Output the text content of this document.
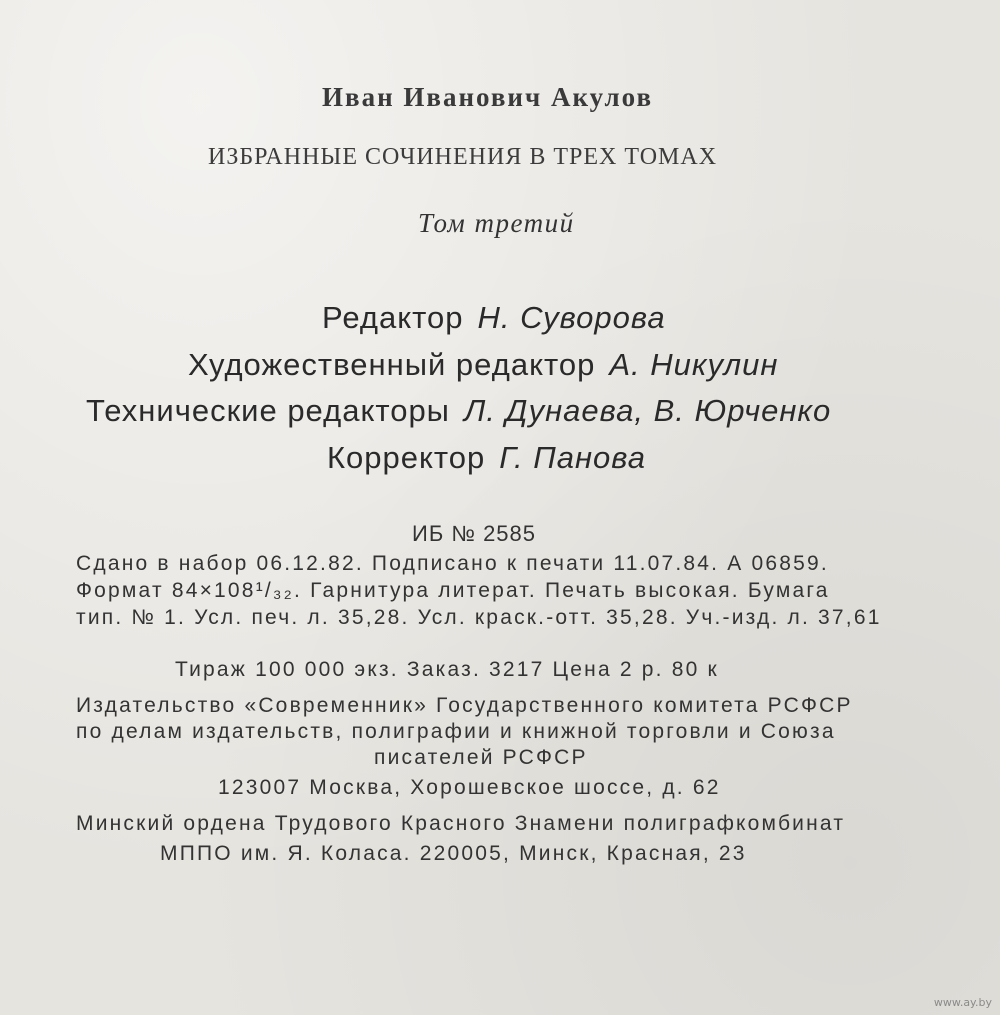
Иван Иванович Акулов
ИЗБРАННЫЕ СОЧИНЕНИЯ В ТРЕХ ТОМАХ
Том третий
Редактор Н. Суворова
Художественный редактор А. Никулин
Технические редакторы Л. Дунаева, В. Юрченко
Корректор Г. Панова
ИБ № 2585
Сдано в набор 06.12.82. Подписано к печати 11.07.84. А 06859.
Формат 84×108¹/₃₂. Гарнитура литерат. Печать высокая. Бумага
тип. № 1. Усл. печ. л. 35,28. Усл. краск.-отт. 35,28. Уч.-изд. л. 37,61
Тираж 100 000 экз. Заказ. 3217 Цена 2 р. 80 к
Издательство «Современник» Государственного комитета РСФСР
по делам издательств, полиграфии и книжной торговли и Союза
писателей РСФСР
123007 Москва, Хорошевское шоссе, д. 62
Минский ордена Трудового Красного Знамени полиграфкомбинат
МППО им. Я. Коласа. 220005, Минск, Красная, 23
www.ay.by
